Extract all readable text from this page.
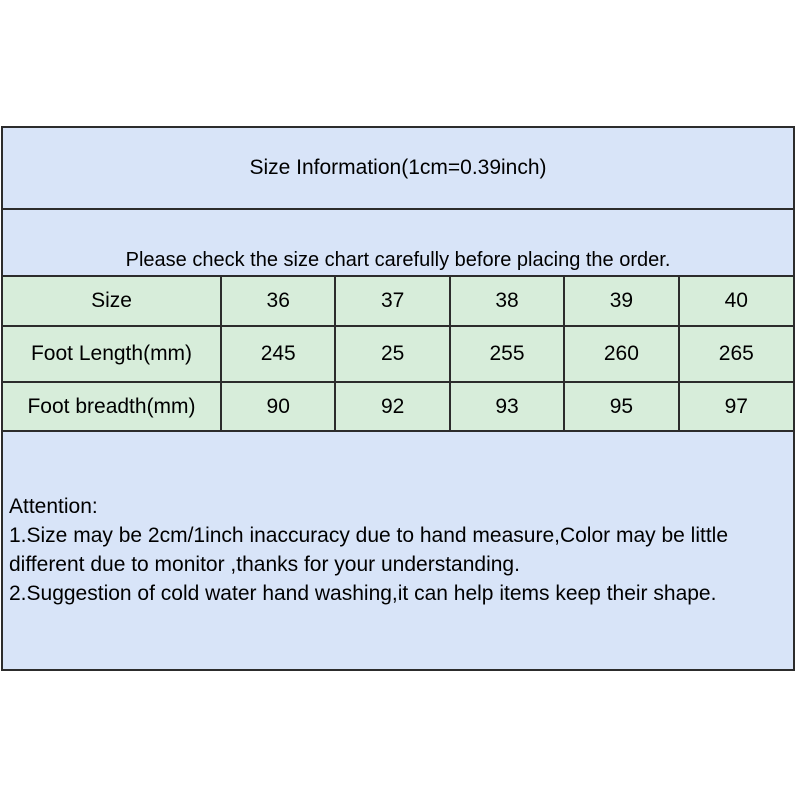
Size Information(1cm=0.39inch)
Please check the size chart carefully before placing the order.
Size	36	37	38	39	40
Foot Length(mm)	245	25	255	260	265
Foot breadth(mm)	90	92	93	95	97
Attention:
1.Size may be 2cm/1inch inaccuracy due to hand measure,Color may be little
different due to monitor ,thanks for your understanding.
2.Suggestion of cold water hand washing,it can help items keep their shape.
